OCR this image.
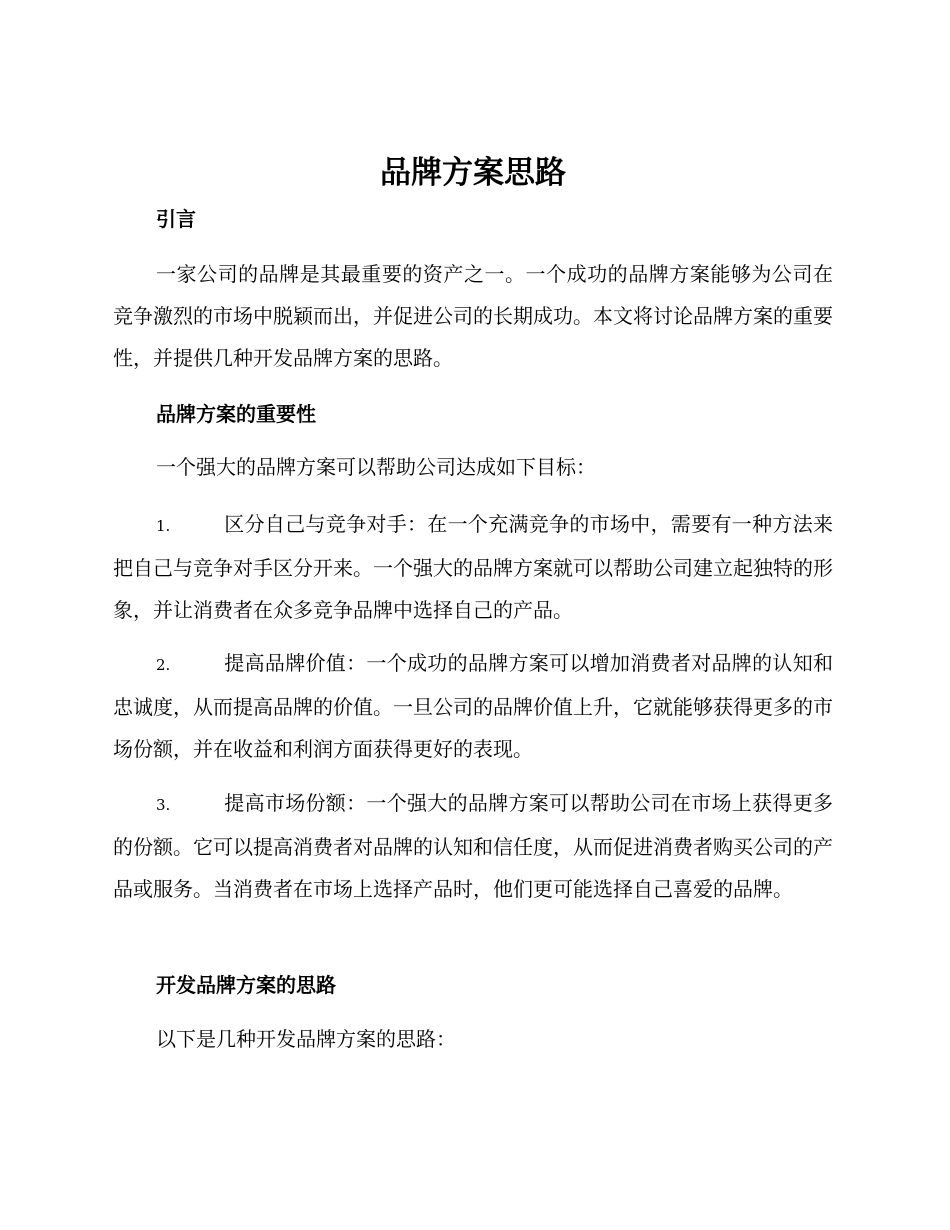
品牌方案思路
引言

一家公司的品牌是其最重要的资产之一。一个成功的品牌方案能够为公司在竞争激烈的市场中脱颖而出，并促进公司的长期成功。本文将讨论品牌方案的重要性，并提供几种开发品牌方案的思路。

品牌方案的重要性

一个强大的品牌方案可以帮助公司达成如下目标：

1.	区分自己与竞争对手：在一个充满竞争的市场中，需要有一种方法来把自己与竞争对手区分开来。一个强大的品牌方案就可以帮助公司建立起独特的形象，并让消费者在众多竞争品牌中选择自己的产品。

2.	提高品牌价值：一个成功的品牌方案可以增加消费者对品牌的认知和忠诚度，从而提高品牌的价值。一旦公司的品牌价值上升，它就能够获得更多的市场份额，并在收益和利润方面获得更好的表现。

3.	提高市场份额：一个强大的品牌方案可以帮助公司在市场上获得更多的份额。它可以提高消费者对品牌的认知和信任度，从而促进消费者购买公司的产品或服务。当消费者在市场上选择产品时，他们更可能选择自己喜爱的品牌。

开发品牌方案的思路

以下是几种开发品牌方案的思路：
